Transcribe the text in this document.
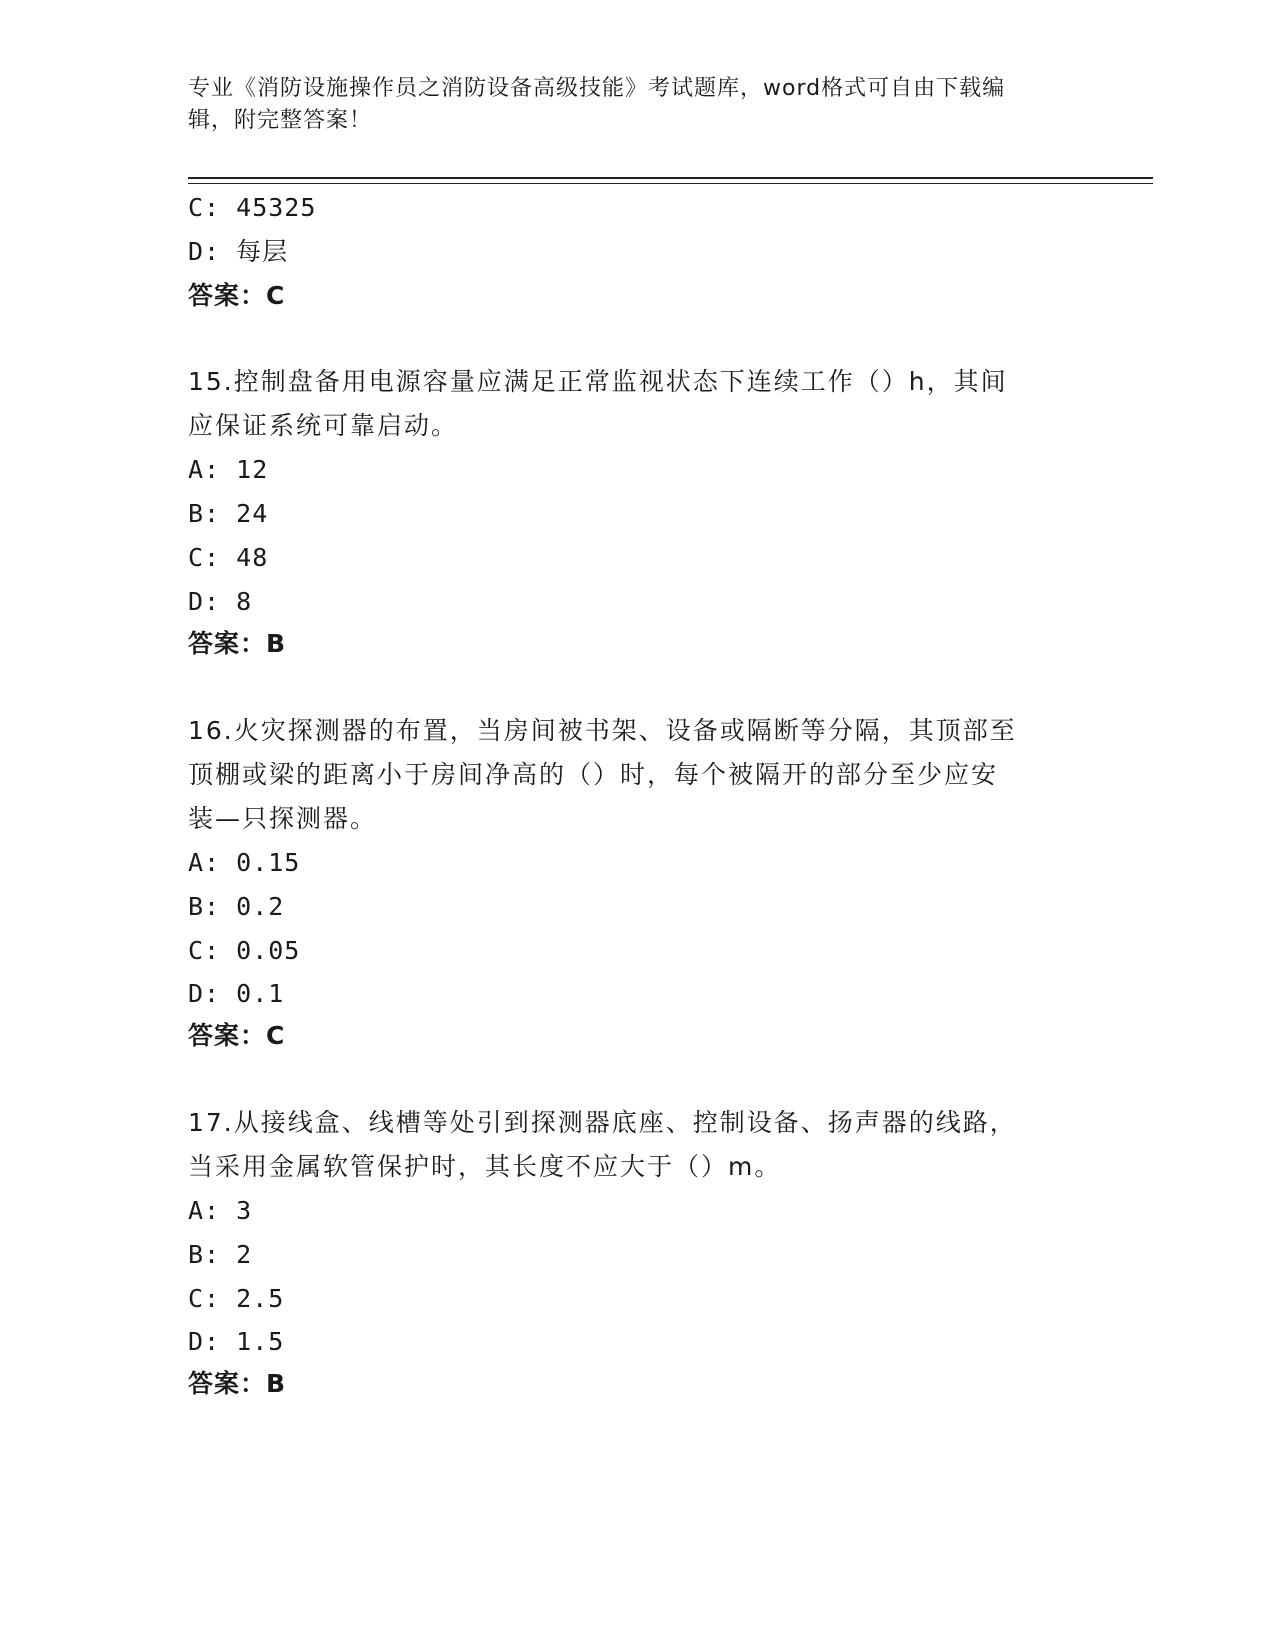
专业《消防设施操作员之消防设备高级技能》考试题库，word格式可自由下载编
辑，附完整答案！
C: 45325
D: 每层
答案：C
15.控制盘备用电源容量应满足正常监视状态下连续工作（）h，其间
应保证系统可靠启动。
A: 12
B: 24
C: 48
D: 8
答案：B
16.火灾探测器的布置，当房间被书架、设备或隔断等分隔，其顶部至
顶棚或梁的距离小于房间净高的（）时，每个被隔开的部分至少应安
装—只探测器。
A: 0.15
B: 0.2
C: 0.05
D: 0.1
答案：C
17.从接线盒、线槽等处引到探测器底座、控制设备、扬声器的线路，
当采用金属软管保护时，其长度不应大于（）m。
A: 3
B: 2
C: 2.5
D: 1.5
答案：B
